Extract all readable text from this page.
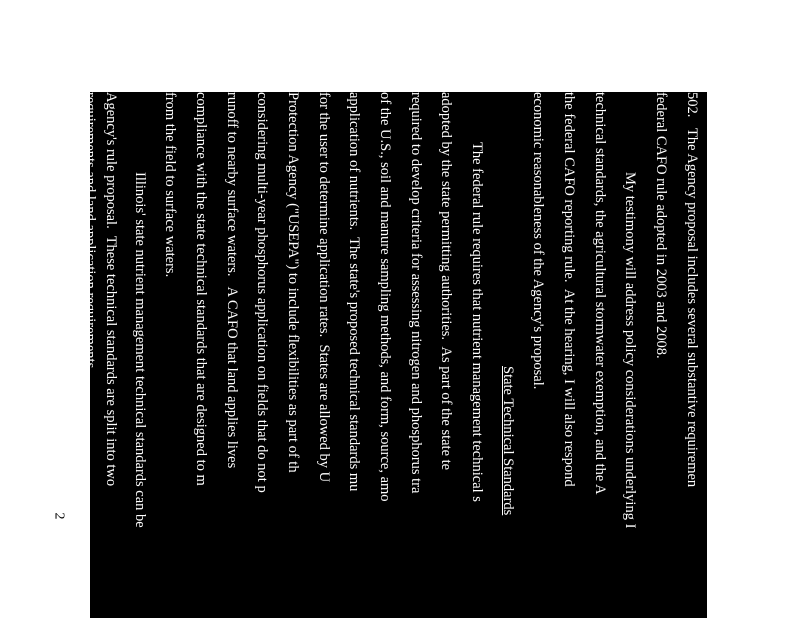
502.   The Agency proposal includes several substantive requiremen
federal CAFO rule adopted in 2003 and 2008.
My testimony will address policy considerations underlying I
technical standards, the agricultural stormwater exemption, and the A
the federal CAFO reporting rule.  At the hearing, I will also respond
economic reasonableness of the Agency's proposal.
State Technical Standards
The federal rule requires that nutrient management technical s
adopted by the state permitting authorities.  As part of the state te
required to develop criteria for assessing nitrogen and phosphorus tra
of the U.S., soil and manure sampling methods, and form, source, amo
application of nutrients.  The state's proposed technical standards mu
for the user to determine application rates.  States are allowed by U
Protection Agency ("USEPA") to include flexibilities as part of th
considering multi-year phosphorus application on fields that do not p
runoff to nearby surface waters.   A CAFO that land applies lives
compliance with the state technical standards that are designed to m
from the field to surface waters.
Illinois' state nutrient management technical standards can be
Agency's rule proposal.  These technical standards are split into two
requirements and land application requirements.
2
